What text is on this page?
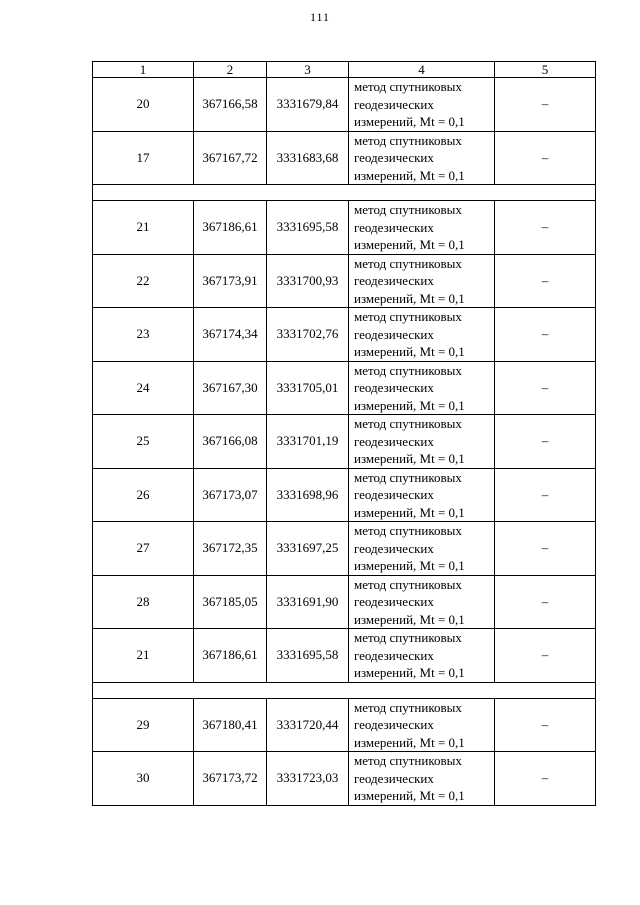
111
1	2	3	4	5
20	367166,58	3331679,84	метод спутниковых
геодезических
измерений, Mt = 0,1	–
17	367167,72	3331683,68	метод спутниковых
геодезических
измерений, Mt = 0,1	–

21	367186,61	3331695,58	метод спутниковых
геодезических
измерений, Mt = 0,1	–
22	367173,91	3331700,93	метод спутниковых
геодезических
измерений, Mt = 0,1	–
23	367174,34	3331702,76	метод спутниковых
геодезических
измерений, Mt = 0,1	–
24	367167,30	3331705,01	метод спутниковых
геодезических
измерений, Mt = 0,1	–
25	367166,08	3331701,19	метод спутниковых
геодезических
измерений, Mt = 0,1	–
26	367173,07	3331698,96	метод спутниковых
геодезических
измерений, Mt = 0,1	–
27	367172,35	3331697,25	метод спутниковых
геодезических
измерений, Mt = 0,1	–
28	367185,05	3331691,90	метод спутниковых
геодезических
измерений, Mt = 0,1	–
21	367186,61	3331695,58	метод спутниковых
геодезических
измерений, Mt = 0,1	–

29	367180,41	3331720,44	метод спутниковых
геодезических
измерений, Mt = 0,1	–
30	367173,72	3331723,03	метод спутниковых
геодезических
измерений, Mt = 0,1	–
